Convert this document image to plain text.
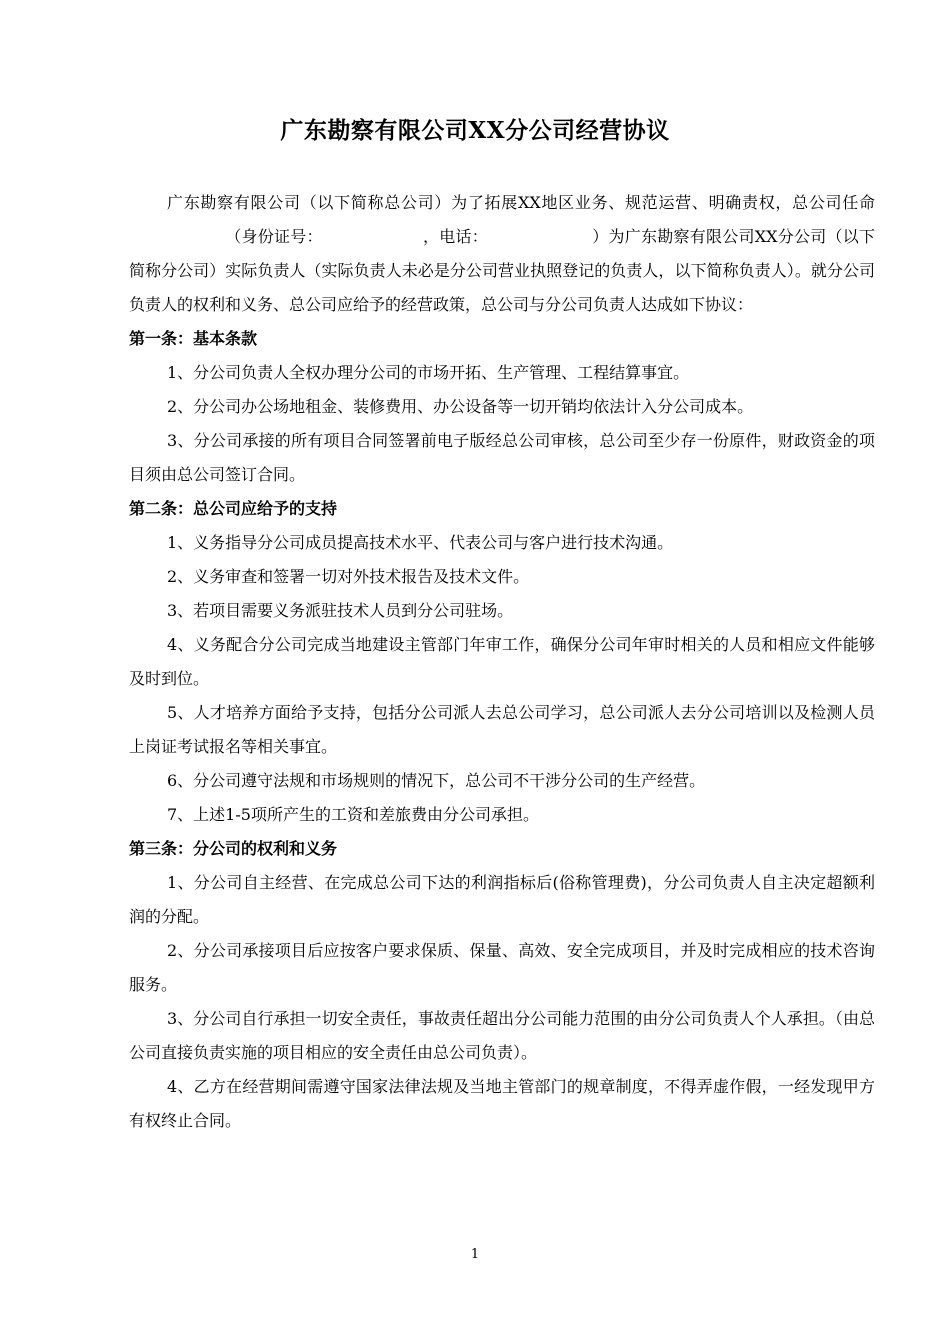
广东勘察有限公司XX分公司经营协议

广东勘察有限公司（以下简称总公司）为了拓展XX地区业务、规范运营、明确责权，总公司任命（身份证号：	，电话：	）为广东勘察有限公司XX分公司（以下简称分公司）实际负责人（实际负责人未必是分公司营业执照登记的负责人，以下简称负责人）。就分公司负责人的权利和义务、总公司应给予的经营政策，总公司与分公司负责人达成如下协议：

第一条：基本条款

1、分公司负责人全权办理分公司的市场开拓、生产管理、工程结算事宜。

2、分公司办公场地租金、装修费用、办公设备等一切开销均依法计入分公司成本。

3、分公司承接的所有项目合同签署前电子版经总公司审核，总公司至少存一份原件，财政资金的项目须由总公司签订合同。

第二条：总公司应给予的支持

1、义务指导分公司成员提高技术水平、代表公司与客户进行技术沟通。

2、义务审查和签署一切对外技术报告及技术文件。

3、若项目需要义务派驻技术人员到分公司驻场。

4、义务配合分公司完成当地建设主管部门年审工作，确保分公司年审时相关的人员和相应文件能够及时到位。

5、人才培养方面给予支持，包括分公司派人去总公司学习，总公司派人去分公司培训以及检测人员上岗证考试报名等相关事宜。

6、分公司遵守法规和市场规则的情况下，总公司不干涉分公司的生产经营。

7、上述1-5项所产生的工资和差旅费由分公司承担。

第三条：分公司的权利和义务

1、分公司自主经营、在完成总公司下达的利润指标后(俗称管理费)，分公司负责人自主决定超额利润的分配。

2、分公司承接项目后应按客户要求保质、保量、高效、安全完成项目，并及时完成相应的技术咨询服务。

3、分公司自行承担一切安全责任，事故责任超出分公司能力范围的由分公司负责人个人承担。（由总公司直接负责实施的项目相应的安全责任由总公司负责）。

4、乙方在经营期间需遵守国家法律法规及当地主管部门的规章制度，不得弄虚作假，一经发现甲方有权终止合同。

1
